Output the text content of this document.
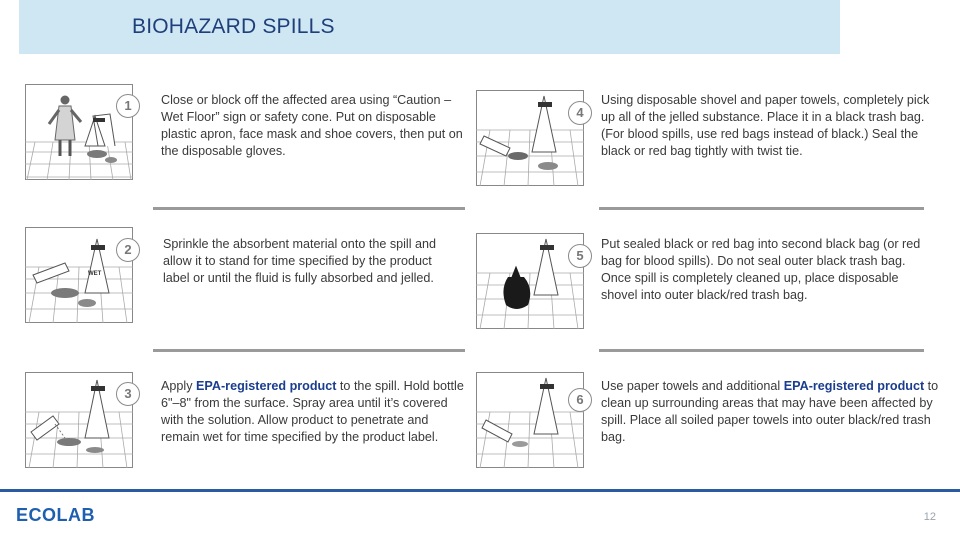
BIOHAZARD SPILLS
1	Close or block off the affected area using “Caution – Wet Floor” sign or safety cone. Put on disposable plastic apron, face mask and shoe covers, then put on the disposable gloves.
WET
2	Sprinkle the absorbent material onto the spill and allow it to stand for time specified by the product label or until the fluid is fully absorbed and jelled.
3	Apply EPA-registered product to the spill. Hold bottle 6"–8" from the surface. Spray area until it’s covered with the solution. Allow product to penetrate and remain wet for time specified by the product label.
4
Using disposable shovel and paper towels, completely pick up all of the jelled substance. Place it in a black trash bag. (For blood spills, use red bags instead of black.) Seal the black or red bag tightly with twist tie.
5
Put sealed black or red bag into second black bag (or red bag for blood spills). Do not seal outer black trash bag. Once spill is completely cleaned up, place disposable shovel into outer black/red trash bag.
6
Use paper towels and additional EPA-registered product to clean up surrounding areas that may have been affected by spill. Place all soiled paper towels into outer black/red trash bag.
ECOLAB	12
